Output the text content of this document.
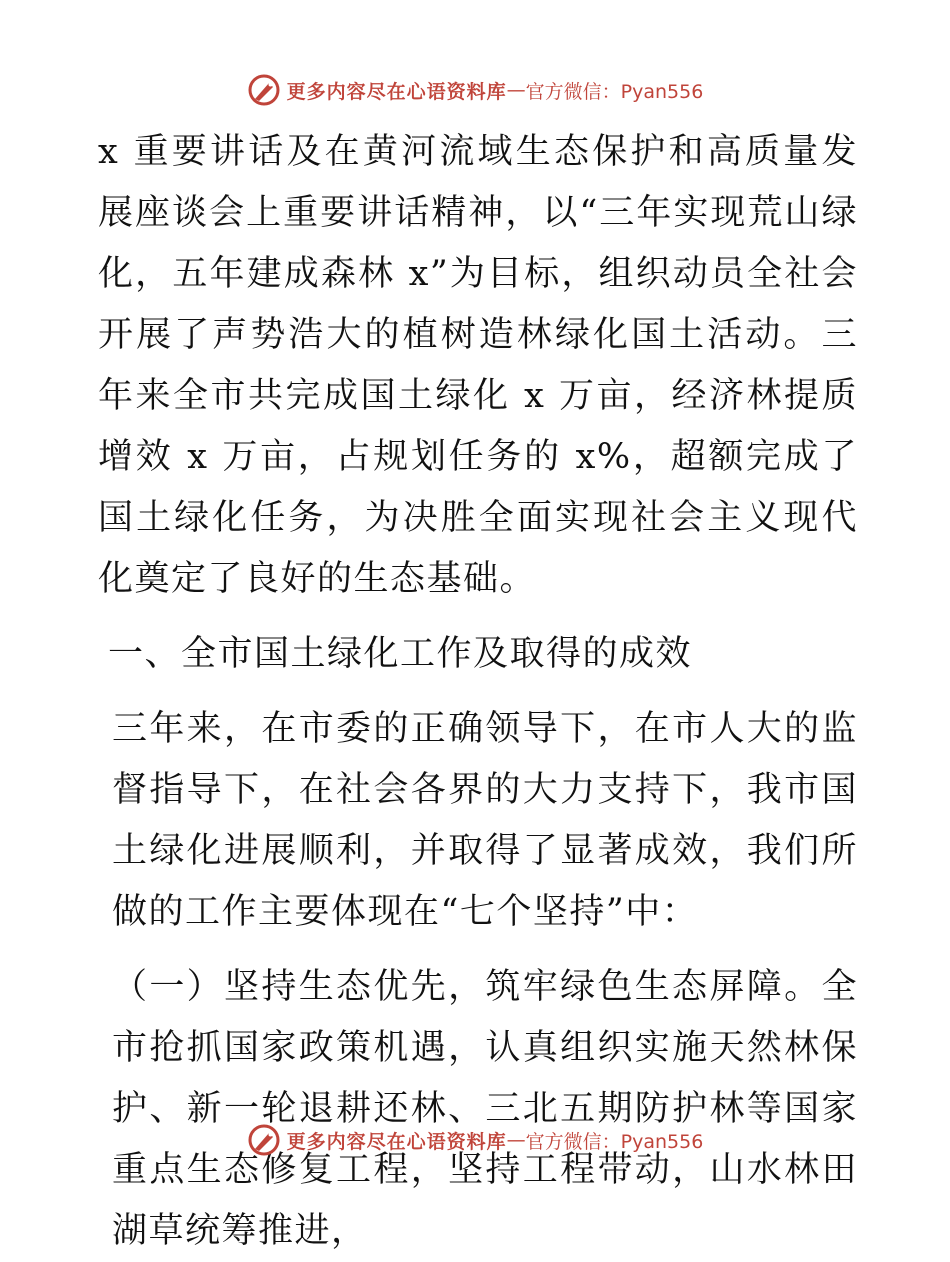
更多内容尽在心语资料库 — 官方微信：Pyan556

x 重要讲话及在黄河流域生态保护和高质量发展座谈会上重要讲话精神，以“三年实现荒山绿化，五年建成森林 x”为目标，组织动员全社会开展了声势浩大的植树造林绿化国土活动。三年来全市共完成国土绿化 x 万亩，经济林提质增效 x 万亩，占规划任务的 x%，超额完成了国土绿化任务，为决胜全面实现社会主义现代化奠定了良好的生态基础。

一、全市国土绿化工作及取得的成效

三年来，在市委的正确领导下，在市人大的监督指导下，在社会各界的大力支持下，我市国土绿化进展顺利，并取得了显著成效，我们所做的工作主要体现在“七个坚持”中：

（一）坚持生态优先，筑牢绿色生态屏障。全市抢抓国家政策机遇，认真组织实施天然林保护、新一轮退耕还林、三北五期防护林等国家重点生态修复工程，坚持工程带动，山水林田湖草统筹推进，

更多内容尽在心语资料库 — 官方微信：Pyan556
